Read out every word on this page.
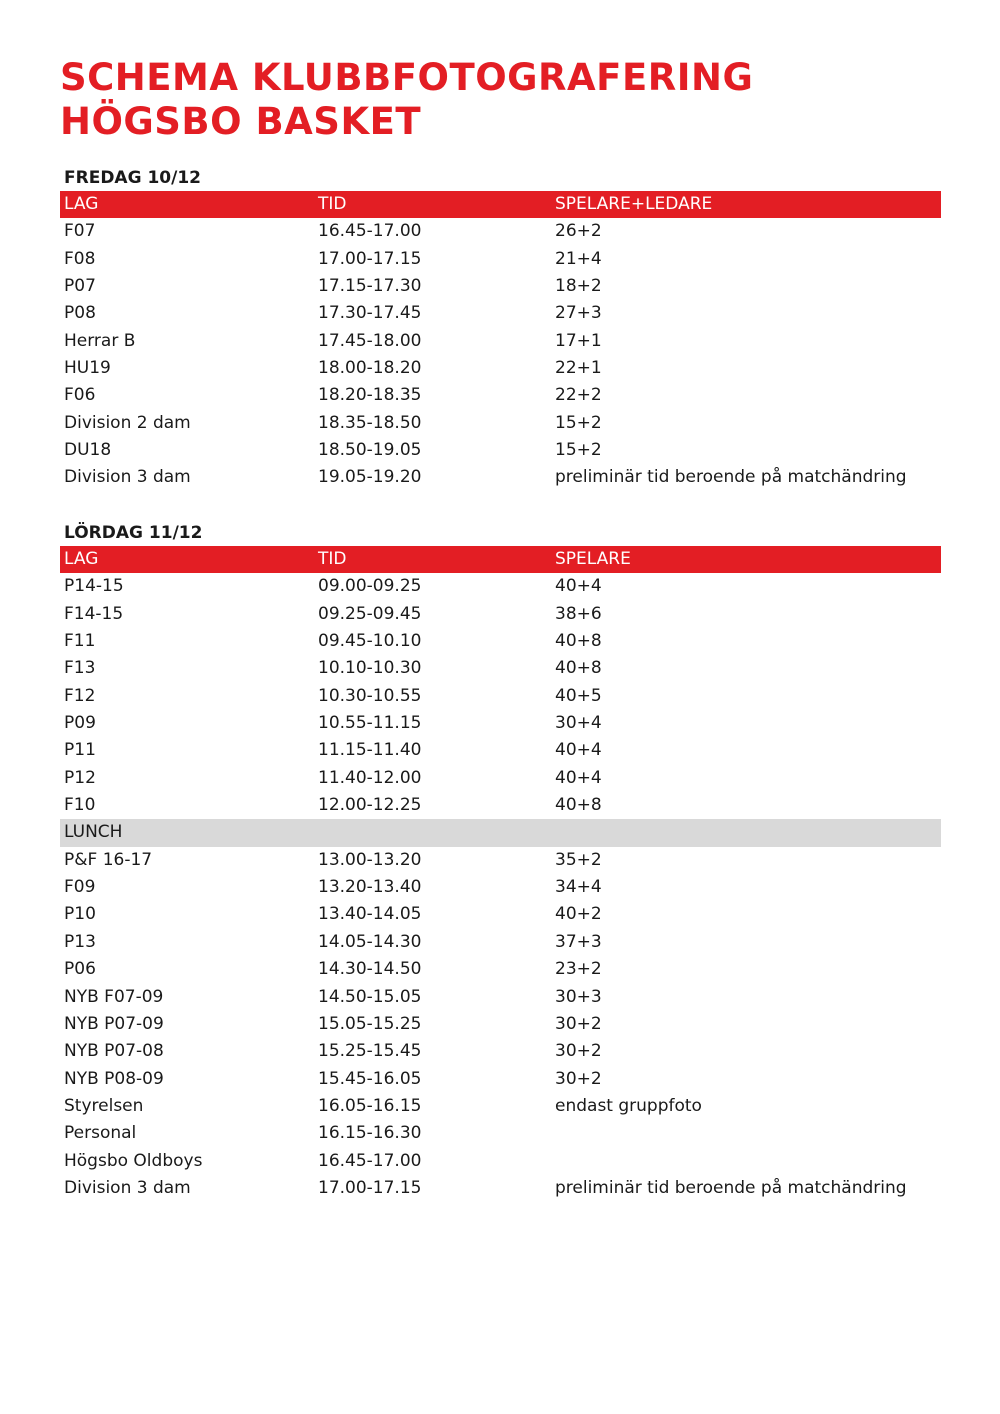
SCHEMA KLUBBFOTOGRAFERING
HÖGSBO BASKET
FREDAG 10/12
LAG	TID	SPELARE+LEDARE
F07	16.45-17.00	26+2
F08	17.00-17.15	21+4
P07	17.15-17.30	18+2
P08	17.30-17.45	27+3
Herrar B	17.45-18.00	17+1
HU19	18.00-18.20	22+1
F06	18.20-18.35	22+2
Division 2 dam	18.35-18.50	15+2
DU18	18.50-19.05	15+2
Division 3 dam	19.05-19.20	preliminär tid beroende på matchändring
LÖRDAG 11/12
LAG	TID	SPELARE
P14-15	09.00-09.25	40+4
F14-15	09.25-09.45	38+6
F11	09.45-10.10	40+8
F13	10.10-10.30	40+8
F12	10.30-10.55	40+5
P09	10.55-11.15	30+4
P11	11.15-11.40	40+4
P12	11.40-12.00	40+4
F10	12.00-12.25	40+8
LUNCH
P&F 16-17	13.00-13.20	35+2
F09	13.20-13.40	34+4
P10	13.40-14.05	40+2
P13	14.05-14.30	37+3
P06	14.30-14.50	23+2
NYB F07-09	14.50-15.05	30+3
NYB P07-09	15.05-15.25	30+2
NYB P07-08	15.25-15.45	30+2
NYB P08-09	15.45-16.05	30+2
Styrelsen	16.05-16.15	endast gruppfoto
Personal	16.15-16.30
Högsbo Oldboys	16.45-17.00
Division 3 dam	17.00-17.15	preliminär tid beroende på matchändring
